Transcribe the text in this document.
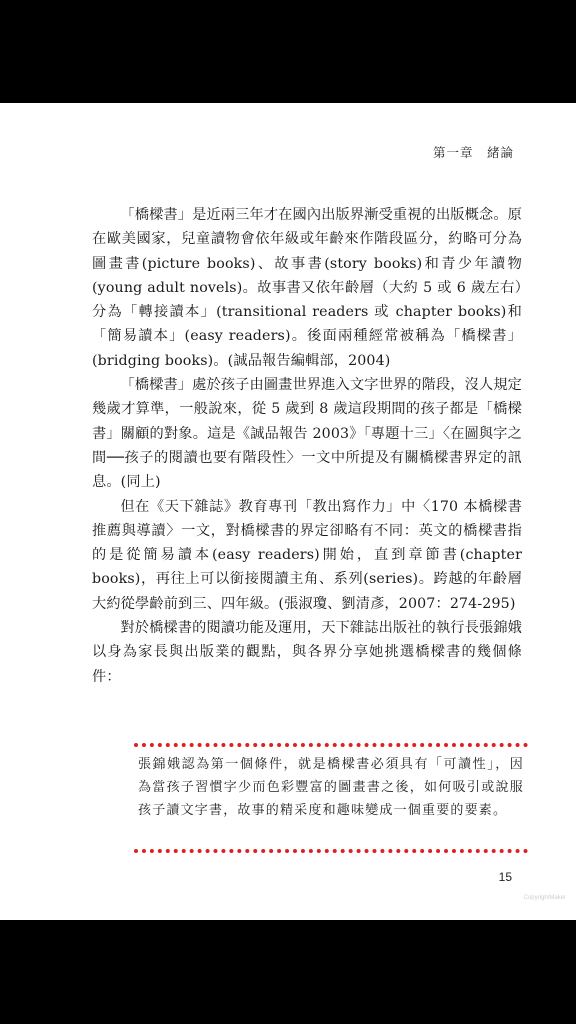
第一章　緒論

「橋樑書」是近兩三年才在國內出版界漸受重視的出版概念。原在歐美國家，兒童讀物會依年級或年齡來作階段區分，約略可分為圖畫書(picture books)、故事書(story books)和青少年讀物(young adult novels)。故事書又依年齡層（大約 5 或 6 歲左右）分為「轉接讀本」(transitional readers 或 chapter books)和「簡易讀本」(easy readers)。後面兩種經常被稱為「橋樑書」(bridging books)。(誠品報告編輯部，2004)

「橋樑書」處於孩子由圖畫世界進入文字世界的階段，沒人規定幾歲才算準，一般說來，從 5 歲到 8 歲這段期間的孩子都是「橋樑書」關顧的對象。這是《誠品報告 2003》「專題十三」〈在圖與字之間──孩子的閱讀也要有階段性〉一文中所提及有關橋樑書界定的訊息。(同上)

但在《天下雜誌》教育專刊「教出寫作力」中〈170 本橋樑書推薦與導讀〉一文，對橋樑書的界定卻略有不同：英文的橋樑書指的是從簡易讀本(easy readers)開始，直到章節書(chapter books)，再往上可以銜接閱讀主角、系列(series)。跨越的年齡層大約從學齡前到三、四年級。(張淑瓊、劉清彥，2007：274-295)

對於橋樑書的閱讀功能及運用，天下雜誌出版社的執行長張錦娥以身為家長與出版業的觀點，與各界分享她挑選橋樑書的幾個條件：

張錦娥認為第一個條件，就是橋樑書必須具有「可讀性」，因為當孩子習慣字少而色彩豐富的圖畫書之後，如何吸引或說服孩子讀文字書，故事的精采度和趣味變成一個重要的要素。
15
CopyrightMaker
